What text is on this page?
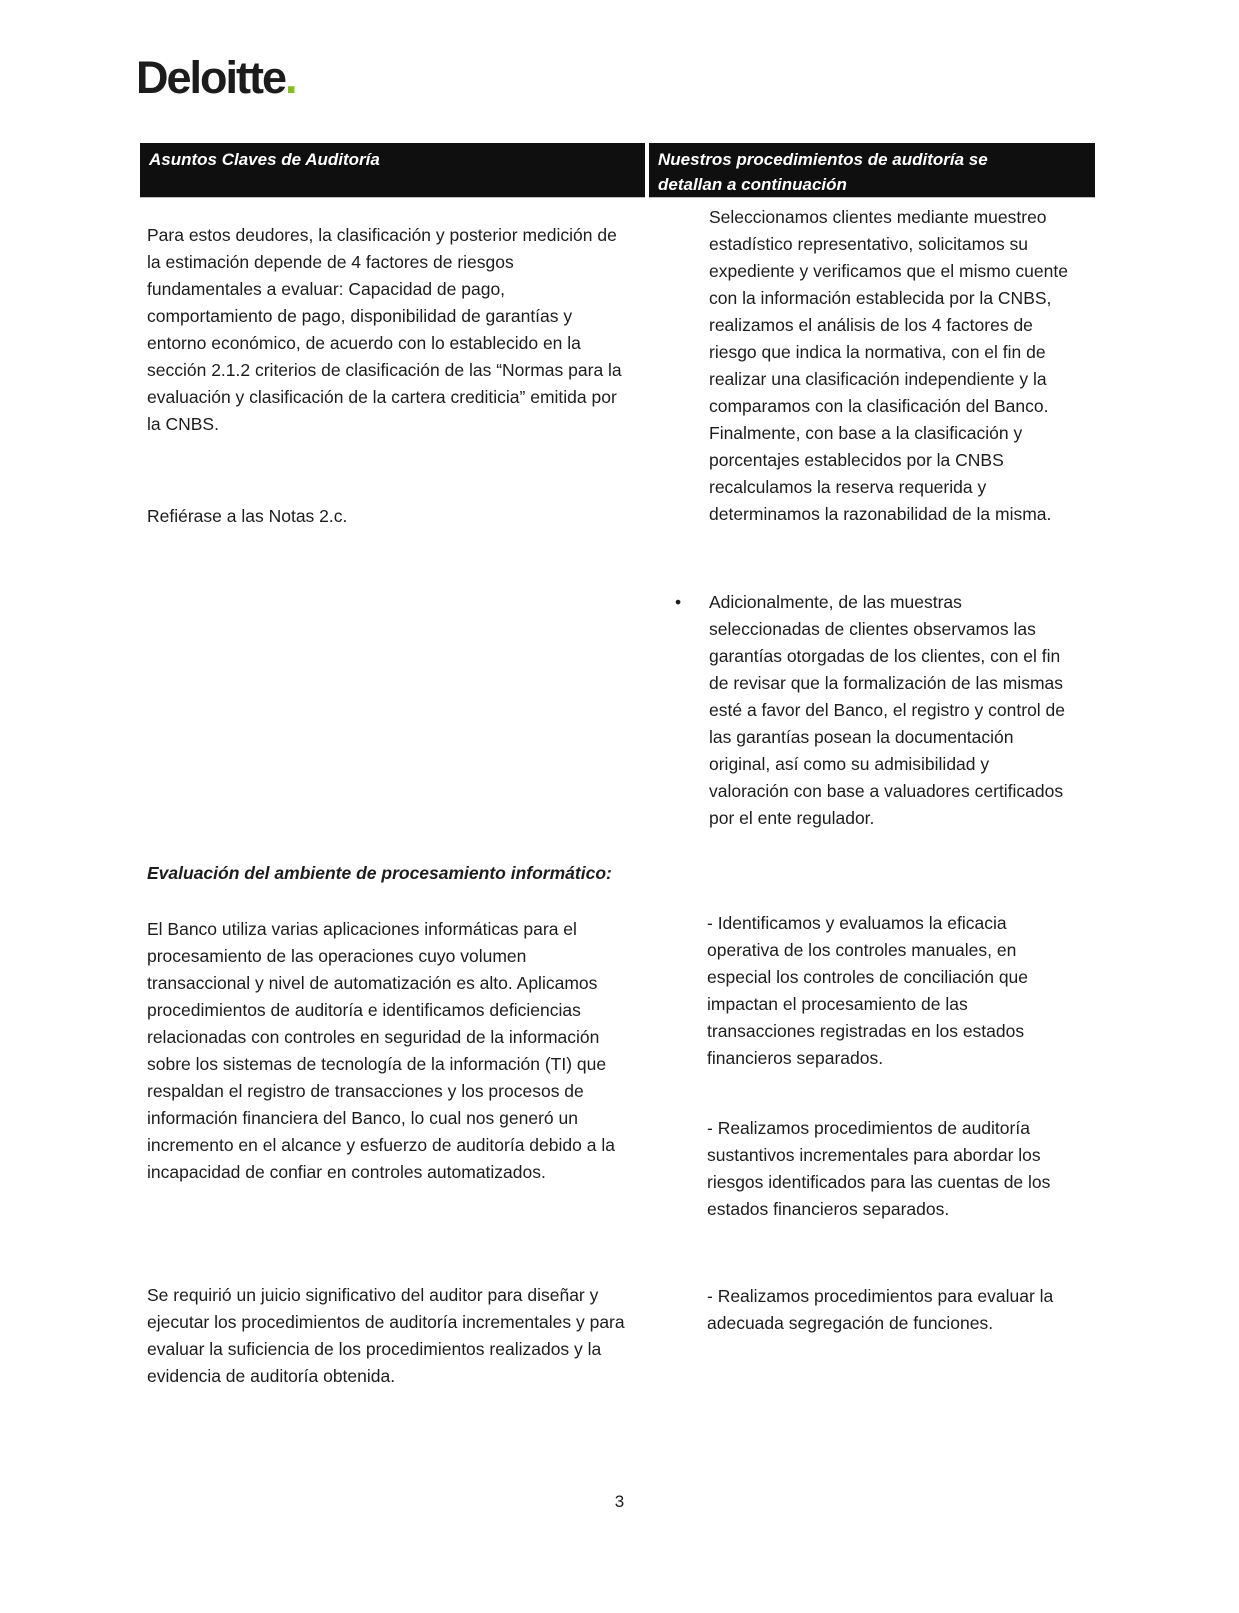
Deloitte.
Asuntos Claves de Auditoría	Nuestros procedimientos de auditoría se detallan a continuación
Para estos deudores, la clasificación y posterior medición de la estimación depende de 4 factores de riesgos fundamentales a evaluar: Capacidad de pago, comportamiento de pago, disponibilidad de garantías y entorno económico, de acuerdo con lo establecido en la sección 2.1.2 criterios de clasificación de las “Normas para la evaluación y clasificación de la cartera crediticia” emitida por la CNBS.
Refiérase a las Notas 2.c.
Evaluación del ambiente de procesamiento informático:
El Banco utiliza varias aplicaciones informáticas para el procesamiento de las operaciones cuyo volumen transaccional y nivel de automatización es alto. Aplicamos procedimientos de auditoría e identificamos deficiencias relacionadas con controles en seguridad de la información sobre los sistemas de tecnología de la información (TI) que respaldan el registro de transacciones y los procesos de información financiera del Banco, lo cual nos generó un incremento en el alcance y esfuerzo de auditoría debido a la incapacidad de confiar en controles automatizados.
Se requirió un juicio significativo del auditor para diseñar y ejecutar los procedimientos de auditoría incrementales y para evaluar la suficiencia de los procedimientos realizados y la evidencia de auditoría obtenida.
Seleccionamos clientes mediante muestreo estadístico representativo, solicitamos su expediente y verificamos que el mismo cuente con la información establecida por la CNBS, realizamos el análisis de los 4 factores de riesgo que indica la normativa, con el fin de realizar una clasificación independiente y la comparamos con la clasificación del Banco. Finalmente, con base a la clasificación y porcentajes establecidos por la CNBS recalculamos la reserva requerida y determinamos la razonabilidad de la misma.
• Adicionalmente, de las muestras seleccionadas de clientes observamos las garantías otorgadas de los clientes, con el fin de revisar que la formalización de las mismas esté a favor del Banco, el registro y control de las garantías posean la documentación original, así como su admisibilidad y valoración con base a valuadores certificados por el ente regulador.
- Identificamos y evaluamos la eficacia operativa de los controles manuales, en especial los controles de conciliación que impactan el procesamiento de las transacciones registradas en los estados financieros separados.
- Realizamos procedimientos de auditoría sustantivos incrementales para abordar los riesgos identificados para las cuentas de los estados financieros separados.
- Realizamos procedimientos para evaluar la adecuada segregación de funciones.
3
